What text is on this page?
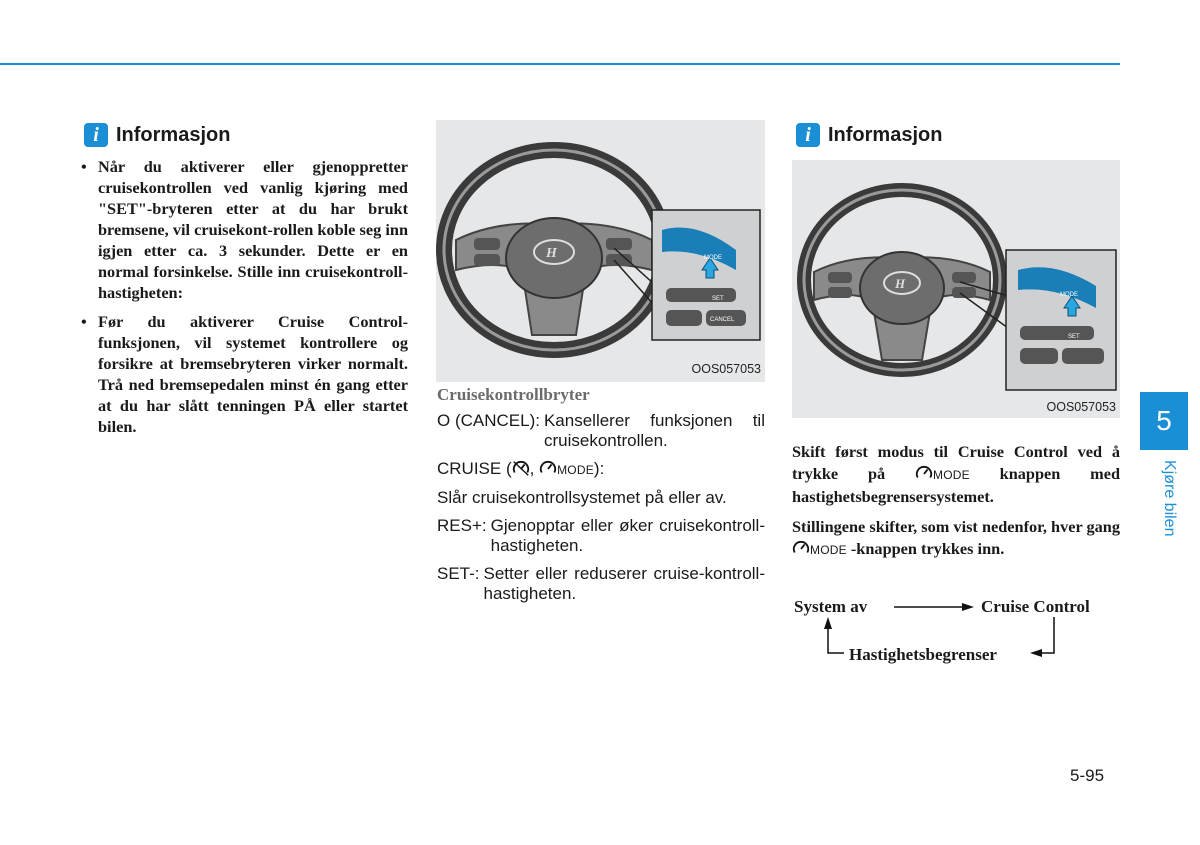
i Informasjon
• Når du aktiverer eller gjenoppretter cruisekontrollen ved vanlig kjøring med "SET"-bryteren etter at du har brukt bremsene, vil cruisekont-rollen koble seg inn igjen etter ca. 3 sekunder. Dette er en normal forsinkelse. Stille inn cruisekontroll-hastigheten:
• Før du aktiverer Cruise Control-funksjonen, vil systemet kontrollere og forsikre at bremsebryteren virker normalt. Trå ned bremsepedalen minst én gang etter at du har slått tenningen PÅ eller startet bilen.
H	MODE
SET
CANCEL
OOS057053
Cruisekontrollbryter
O (CANCEL): Kansellerer funksjonen til cruisekontrollen.
CRUISE ( , MODE):
Slår cruisekontrollsystemet på eller av.
RES+: Gjenopptar eller øker cruisekontroll- hastigheten.
SET-: Setter eller reduserer cruise-kontroll- hastigheten.
i Informasjon
H
MODE
SET
OOS057053

Skift først modus til Cruise Control ved å trykke på	MODE knappen med hastighetsbegrensersystemet.

Stillingene skifter, som vist nedenfor, hver gang MODE -knappen trykkes inn.

System av	Cruise Control
Hastighetsbegrenser
5
Kjøre bilen
5-95
